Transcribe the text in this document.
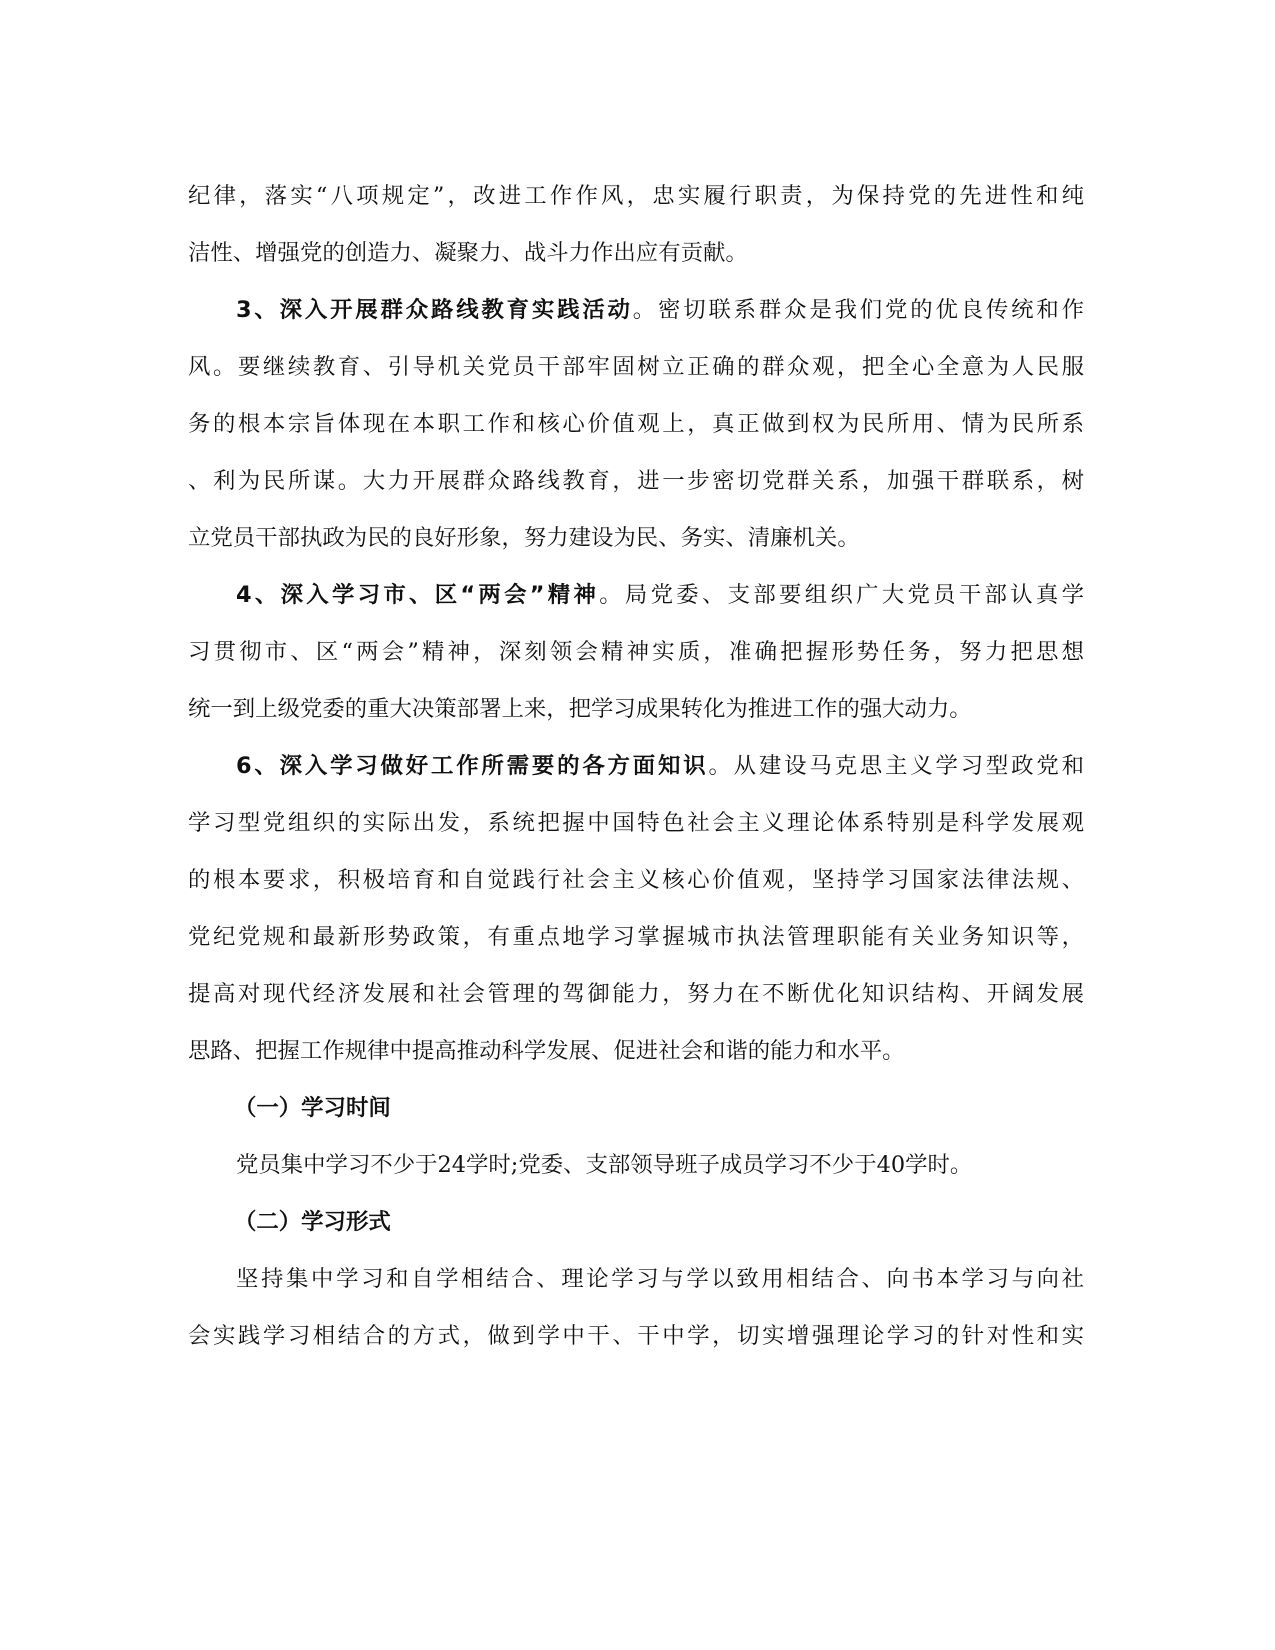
纪律，落实“八项规定”，改进工作作风，忠实履行职责，为保持党的先进性和纯
洁性、增强党的创造力、凝聚力、战斗力作出应有贡献。
3、深入开展群众路线教育实践活动。密切联系群众是我们党的优良传统和作
风。要继续教育、引导机关党员干部牢固树立正确的群众观，把全心全意为人民服
务的根本宗旨体现在本职工作和核心价值观上，真正做到权为民所用、情为民所系
、利为民所谋。大力开展群众路线教育，进一步密切党群关系，加强干群联系，树
立党员干部执政为民的良好形象，努力建设为民、务实、清廉机关。
4、深入学习市、区“两会”精神。局党委、支部要组织广大党员干部认真学
习贯彻市、区“两会”精神，深刻领会精神实质，准确把握形势任务，努力把思想
统一到上级党委的重大决策部署上来，把学习成果转化为推进工作的强大动力。
6、深入学习做好工作所需要的各方面知识。从建设马克思主义学习型政党和
学习型党组织的实际出发，系统把握中国特色社会主义理论体系特别是科学发展观
的根本要求，积极培育和自觉践行社会主义核心价值观，坚持学习国家法律法规、
党纪党规和最新形势政策，有重点地学习掌握城市执法管理职能有关业务知识等，
提高对现代经济发展和社会管理的驾御能力，努力在不断优化知识结构、开阔发展
思路、把握工作规律中提高推动科学发展、促进社会和谐的能力和水平。
（一）学习时间
党员集中学习不少于24学时;党委、支部领导班子成员学习不少于40学时。
（二）学习形式
坚持集中学习和自学相结合、理论学习与学以致用相结合、向书本学习与向社
会实践学习相结合的方式，做到学中干、干中学，切实增强理论学习的针对性和实
